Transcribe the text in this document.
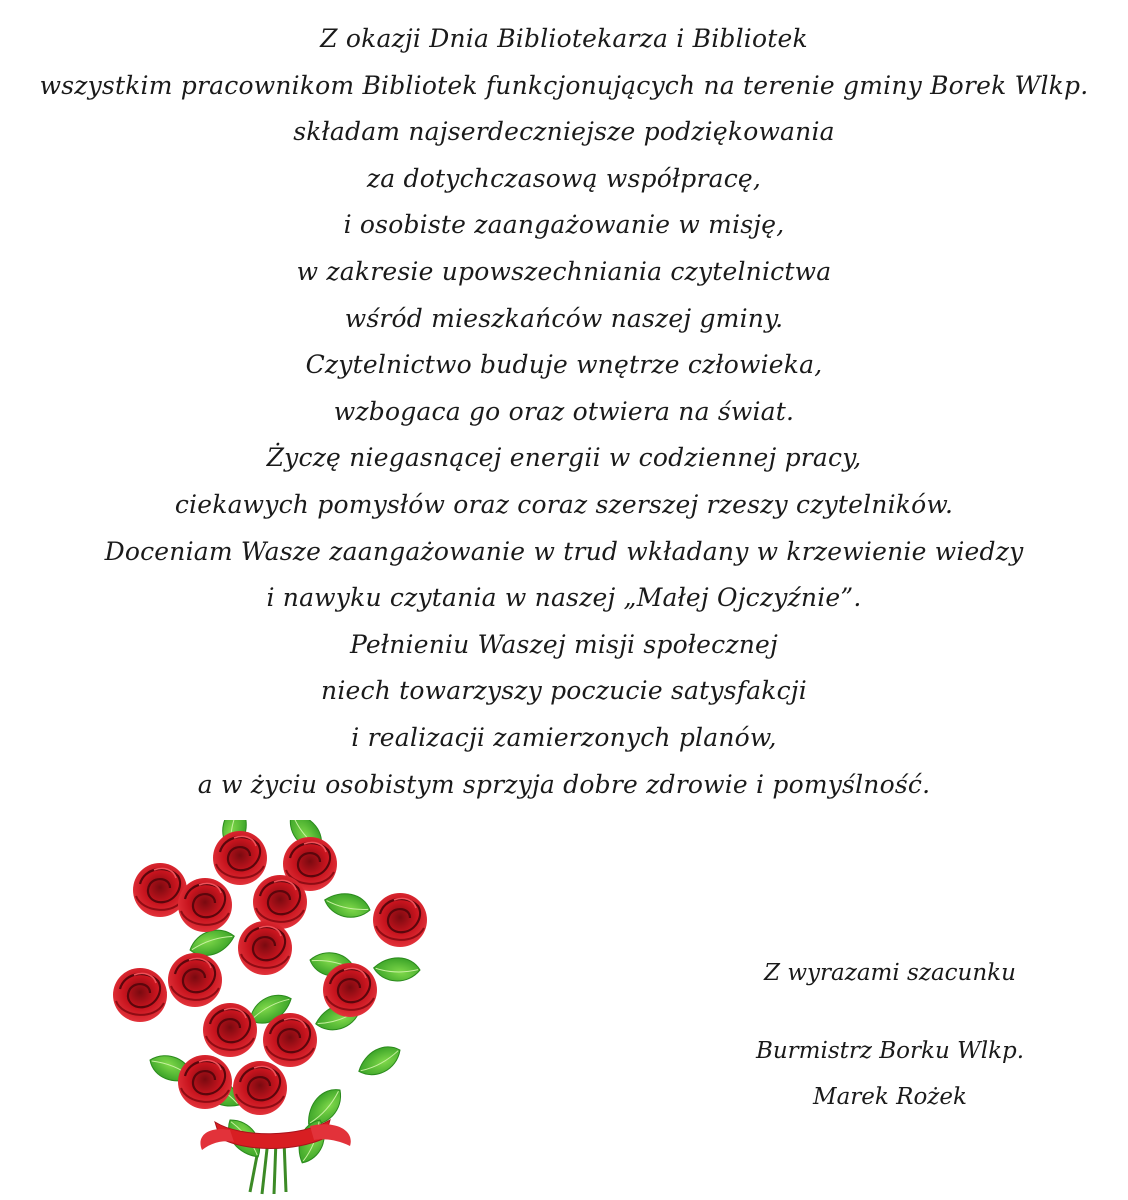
Z okazji Dnia Bibliotekarza i Bibliotek
wszystkim pracownikom Bibliotek funkcjonujących na terenie gminy Borek Wlkp.
składam najserdeczniejsze podziękowania
za dotychczasową współpracę,
i osobiste zaangażowanie w misję,
w zakresie upowszechniania czytelnictwa
wśród mieszkańców naszej gminy.
Czytelnictwo buduje wnętrze człowieka,
wzbogaca go oraz otwiera na świat.
Życzę niegasnącej energii w codziennej pracy,
ciekawych pomysłów oraz coraz szerszej rzeszy czytelników.
Doceniam Wasze zaangażowanie w trud wkładany w krzewienie wiedzy
i nawyku czytania w naszej „Małej Ojczyźnie”.
Pełnieniu Waszej misji społecznej
niech towarzyszy poczucie satysfakcji
i realizacji zamierzonych planów,
a w życiu osobistym sprzyja dobre zdrowie i pomyślność.
Z wyrazami szacunku
Burmistrz Borku Wlkp.
Marek Rożek
